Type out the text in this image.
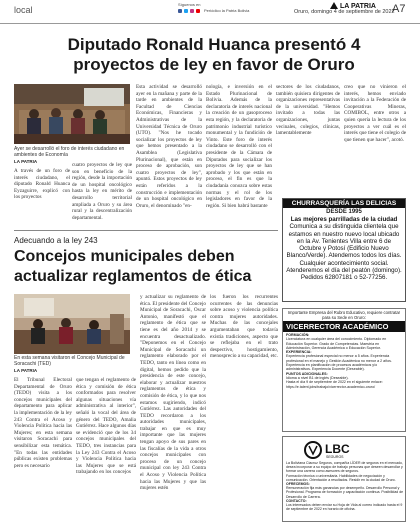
local
Síguenos en
Periódico la Patria Bolivia	Oruro, domingo 4 de septiembre de 2022
LA PATRIA A7
Diputado Ronald Huanca presentó 4 proyectos de ley en favor de Oruro
Ayer se desarrolló el foro de interés ciudadano en ambientes de Economía
LA PATRIA
A través de un foro de interés ciudadano, el diputado Ronald Huanca Eyzaguirre, explicó con los proyectos
cuatro proyectos de ley que son en beneficio de la región, desde la importación de un hospital oncológico hasta la ley en mérito de desarrollo territorial ampliada a Oruro y su área rural y la descentralización departamental.
Esta actividad se desarrolló ayer en la mañana y parte de la tarde en ambientes de la Facultad de Ciencias Económicas, Financieras y Administrativas de la Universidad Técnica de Oruro (UTO). "Nos he tocado socializar los proyectos de ley que hemos presentado a la Asamblea (Legislativa Plurinacional), que están en proceso de aprobación, son cuatro proyectos de ley", apuntó. Estos proyectos de ley están referidos a la construcción e implementación de un hospital oncológico en Oruro, el denominado "en-
nología, e inversión en el Estado Plurinacional de Bolivia. Además de la declaratoria de interés nacional la creación de un gasoproceso esta región, y la declaratoria de patrimonio industrial turístico monumental y la fundición de Vinto. Este foro de interés ciudadano se desarrolló con el presidente de la Cámara de Diputados para socializar los proyectos de ley que se han aprobado y los que están en proceso, el fin es que la ciudadanía conozca sobre estas normas y el rol de los legisladores en favor de la región. Si bien habrá bastante
sectores de los ciudadanos, también quisiera dirigentes de organizaciones representativas de la universidad. "Hemos invitado a todas las organizaciones, juntas vecinales, colegios, clínicas, lamentablemente
creo que no vinieron el interés, hemos enviado invitación a la Federación de Cooperativas Mineras, COMIBOL, entre otros a quien quería la lectura de los proyectos a ver cuál es el interés que tiene el colegio de que tienen que hacer", acotó.
Adecuando a la ley 243
Concejos municipales deben actualizar reglamentos de ética
En esta semana visitaron el Concejo Municipal de Soracachi (TED)
LA PATRIA
El Tribunal Electoral Departamental de Oruro (TEDO) visita a los concejos municipales del departamento para aplicar la implementación de la ley 243 Contra el Acoso y Violencia Política hacia las Mujeres; en esta semana visitaron Soracachi para sensibilizar esta temática. "En todas las entidades públicas existen problemas pero es necesario
que tengan el reglamento de ética y comisión de ética conformados para resolver algunas situaciones vía administrativa al interior", señaló la vocal del área de género del TEDO, Amalia Gutiérrez. Hace algunos días se evidenció que de los 34 concejos municipales del TEDO, tres instancias para la Ley 243 Contra el Acoso y Violencia Política hacia las Mujeres que se está trabajando en los concejos
y actualizar su reglamento de ética. El presidente del Concejo Municipal de Soracachi, Oscar Antonio, manifestó que el reglamento de ética que se tiene es del año 2014 y se encuentra desactualizado. "Deponemos en el Concejo Municipal de Soracachi un reglamento elaborado por el TEDO, tanto en línea como en digital, hemos pedido que la presidencia de este concejo, elaborar y actualizar nuestros reglamentos de ética y comisión de ética, y lo que nos estamos sugiriendo, indicó Gutiérrez. Las autoridades del TEDO recordaron a los autoridades municipales, trabajar en que es muy importante que las mujeres tengan apoyo de sus pares en las fiscalías de la vida a otros concejos municipales con proceso de un concejo municipal con ley 243 Contra el Acoso y Violencia Política hacia las Mujeres y que las mujeres estén
los fueron los recurrentes ocurrentes de las denuncias sobre acoso y violencia política contra mujeres autoridades. Muchas de las concejales argumentaban que todavía existía tradiciones, aspecto que se reflejaba en el trato despectivo, hostigamiento, menosprecio a su capacidad, etc.
CHURRASQUERÍA LAS DELICIAS
DESDE 1995
Las mejores parrilladas de la ciudad
Comunica a su distinguida clientela que estamos en nuestro nuevo local ubicado en la Av. Tenientes Villa entre 6 de Octubre y Potosí (Edificio Nuevo Blanco/Verde). Atendemos todos los días. Cualquier acontecimiento social. Atenderemos el día del peatón (domingo). Pedidos 62807181 o 52-77256.
Importante Empresa del Rubro Educativo, requiere contratar para su Sede en Oruro:
VICERRECTOR ACADÉMICO
FORMACIÓN:
Licenciatura en cualquier área del conocimiento. Diplomado en Educación Superior. Grado de Competencias. Maestría en Administración, Gerencia Académica o Educación Superior.
EXPERIENCIA:
Experiencia profesional especial no menor a 5 años. Experiencia profesional en el manejo y Gestión Académica no menor a 2 años. Experiencia en planificación de procesos académicos y/o administrativos. Experiencia Docente (Deseable).
PUNTOS ADICIONALES:
Idioma a nivel B1 de inglés (Deseable).
Hasta el día 9 de septiembre de 2022 en el siguiente enlace: https://e.talent.jobs/trabajo/vicerrector-academico-oruro/
LBC
SEGUROS
La Boliviana Ciacruz Seguros, compañía LÍDER de seguros en el mercado, desea incorporar a su equipo de trabajo personas que deseen desarrollar y formar una carrera como asesores de seguros.
Formación técnica o universitaria. Habilidades de negociación y comunicación. Orientación a resultados. Residir en la ciudad de Oruro.
OFRECEMOS:
Remuneración fija más ganancias por desempeño. Desarrollo Personal y Profesional. Programa de formación y capacitación continua. Posibilidad de Desarrollo de Carrera.
CONTACTO:
Los interesados deben enviar su Hoja de Vida al correo indicado hasta el 9 de septiembre de 2022 en horario de oficina.
